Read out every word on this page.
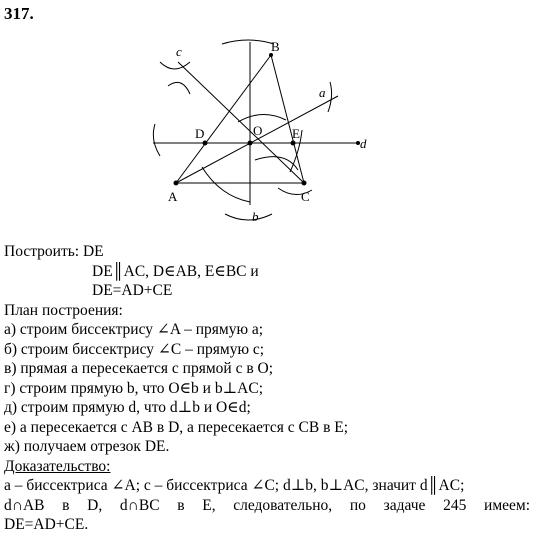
317.
A
B
C
D	E
O
a
b
c
d
Построить: DE
DE║AC, D∈AB, E∈BC и
DE=AD+CE
План построения:
а) строим биссектрису ∠A – прямую a;
б) строим биссектрису ∠C – прямую c;
в) прямая a пересекается c прямой c в O;
г) строим прямую b, что O∈b и b⊥AC;
д) строим прямую d, что d⊥b и O∈d;
е) a пересекается с AB в D, a пересекается с CB в E;
ж) получаем отрезок DE.
Доказательство:
a – биссектриса ∠A; c – биссектриса ∠C; d⊥b, b⊥AC, значит d║AC;
d∩AB в D, d∩BC в E, следовательно, по задаче 245 имеем:
DE=AD+CE.
